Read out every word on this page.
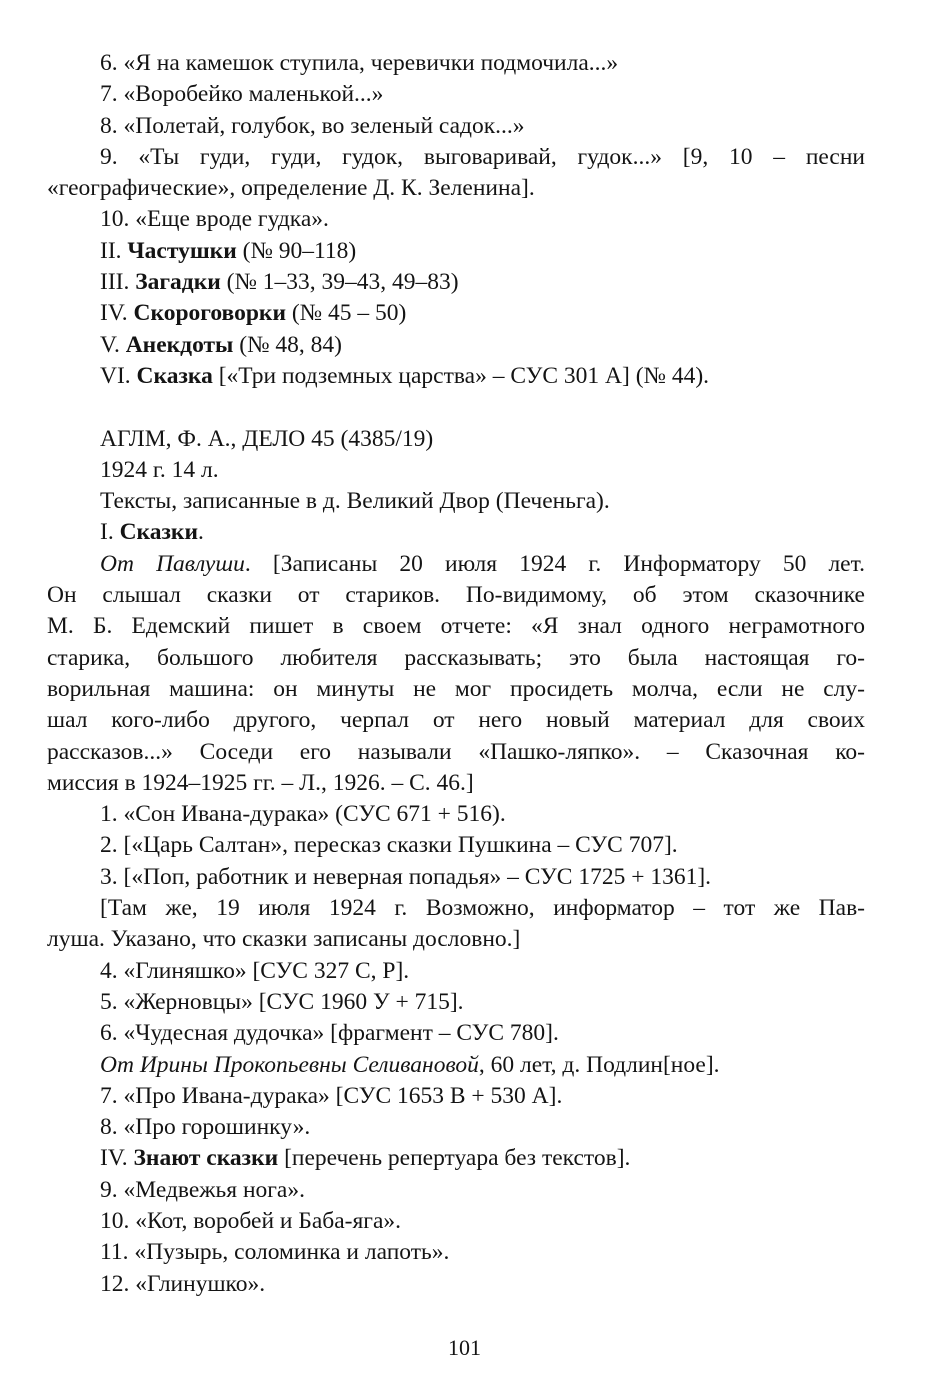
6. «Я на камешок ступила, черевички подмочила...»
7. «Воробейко маленькой...»
8. «Полетай, голубок, во зеленый садок...»
9. «Ты гуди, гуди, гудок, выговаривай, гудок...» [9, 10 – песни
«географические», определение Д. К. Зеленина].
10. «Еще вроде гудка».
II. Частушки (№ 90–118)
III. Загадки (№ 1–33, 39–43, 49–83)
IV. Скороговорки (№ 45 – 50)
V. Анекдоты (№ 48, 84)
VI. Сказка [«Три подземных царства» – СУС 301 А] (№ 44).
АГЛМ, Ф. А., ДЕЛО 45 (4385/19)
1924 г. 14 л.
Тексты, записанные в д. Великий Двор (Печеньга).
I. Сказки.
От Павлуши. [Записаны 20 июля 1924 г. Информатору 50 лет.
Он слышал сказки от стариков. По-видимому, об этом сказочнике
М. Б. Едемский пишет в своем отчете: «Я знал одного неграмотного
старика, большого любителя рассказывать; это была настоящая го-
ворильная машина: он минуты не мог просидеть молча, если не слу-
шал кого-либо другого, черпал от него новый материал для своих
рассказов...» Соседи его называли «Пашко-ляпко». – Сказочная ко-
миссия в 1924–1925 гг. – Л., 1926. – С. 46.]
1. «Сон Ивана-дурака» (СУС 671 + 516).
2. [«Царь Салтан», пересказ сказки Пушкина – СУС 707].
3. [«Поп, работник и неверная попадья» – СУС 1725 + 1361].
[Там же, 19 июля 1924 г. Возможно, информатор – тот же Пав-
луша. Указано, что сказки записаны дословно.]
4. «Глиняшко» [СУС 327 С, Р].
5. «Жерновцы» [СУС 1960 У + 715].
6. «Чудесная дудочка» [фрагмент – СУС 780].
От Ирины Прокопьевны Селивановой, 60 лет, д. Подлин[ное].
7. «Про Ивана-дурака» [СУС 1653 В + 530 А].
8. «Про горошинку».
IV. Знают сказки [перечень репертуара без текстов].
9. «Медвежья нога».
10. «Кот, воробей и Баба-яга».
11. «Пузырь, соломинка и лапоть».
12. «Глинушко».
101
